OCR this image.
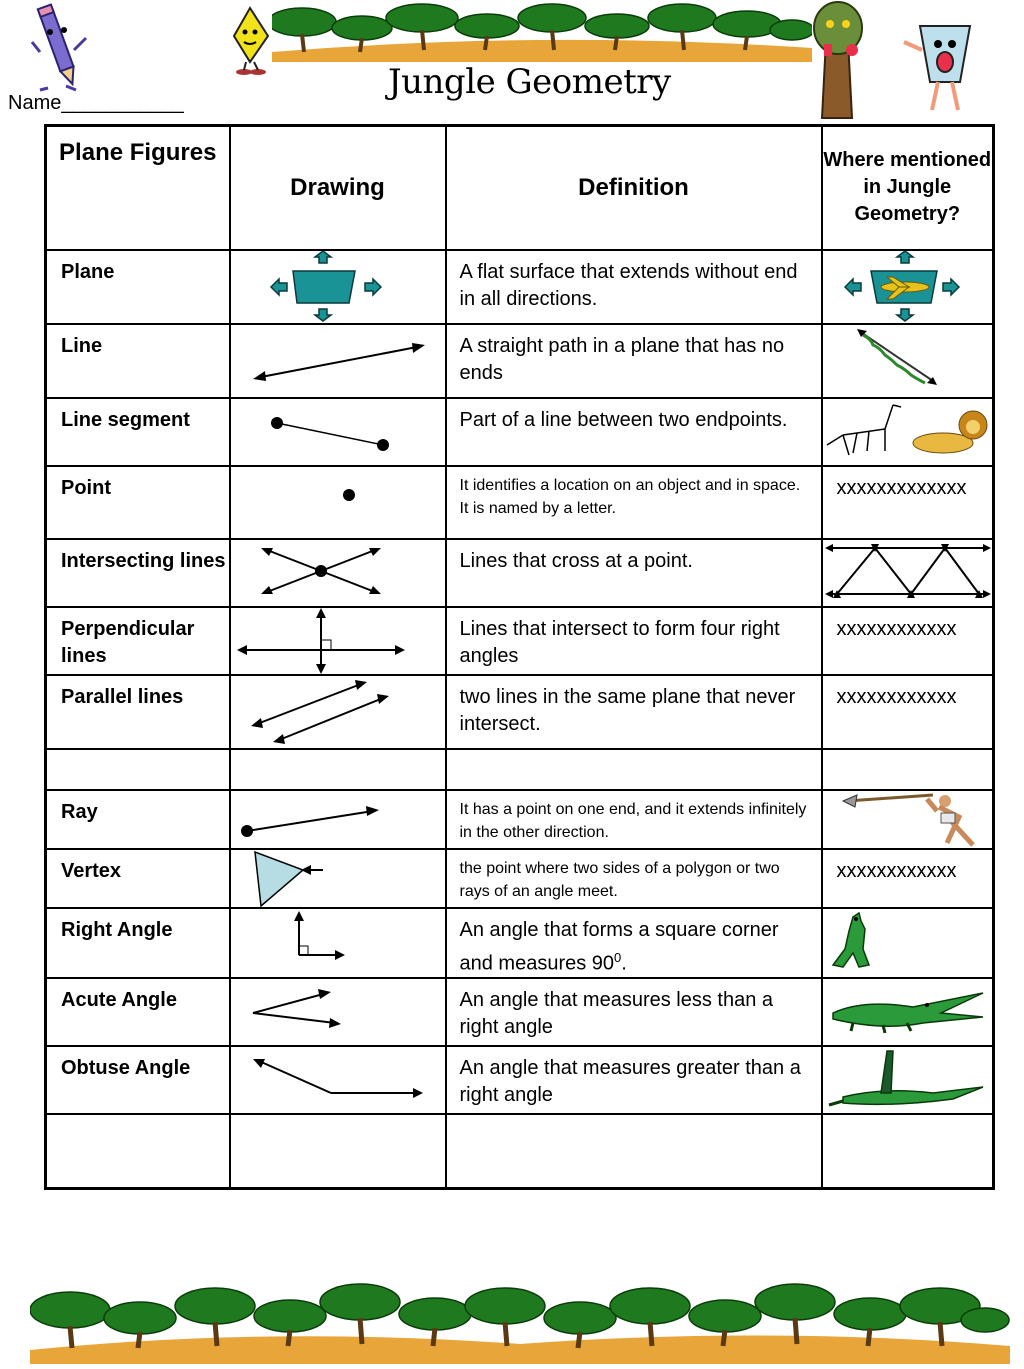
Name___________
Jungle Geometry
Plane Figures	Drawing	Definition	Where mentioned in Jungle Geometry?
Plane		A flat surface that extends without end in all directions.	

Line		A straight path in a plane that has no ends	

Line segment		Part of a line between two endpoints.	

Point		It identifies a location on an object and in space. It is named by a letter.	xxxxxxxxxxxxx
Intersecting lines		Lines that cross at a point.	

Perpendicular lines		Lines that intersect to form four right angles	xxxxxxxxxxxx
Parallel lines		two lines in the same plane that never intersect.	xxxxxxxxxxxx

Ray		It has a point on one end, and it extends infinitely in the other direction.	

Vertex		the point where two sides of a polygon or two rays of an angle meet.	xxxxxxxxxxxx
Right Angle		An angle that forms a square corner and measures $90^0$.	

Acute Angle		An angle that measures less than a right angle	

Obtuse Angle		An angle that measures greater than a right angle	
